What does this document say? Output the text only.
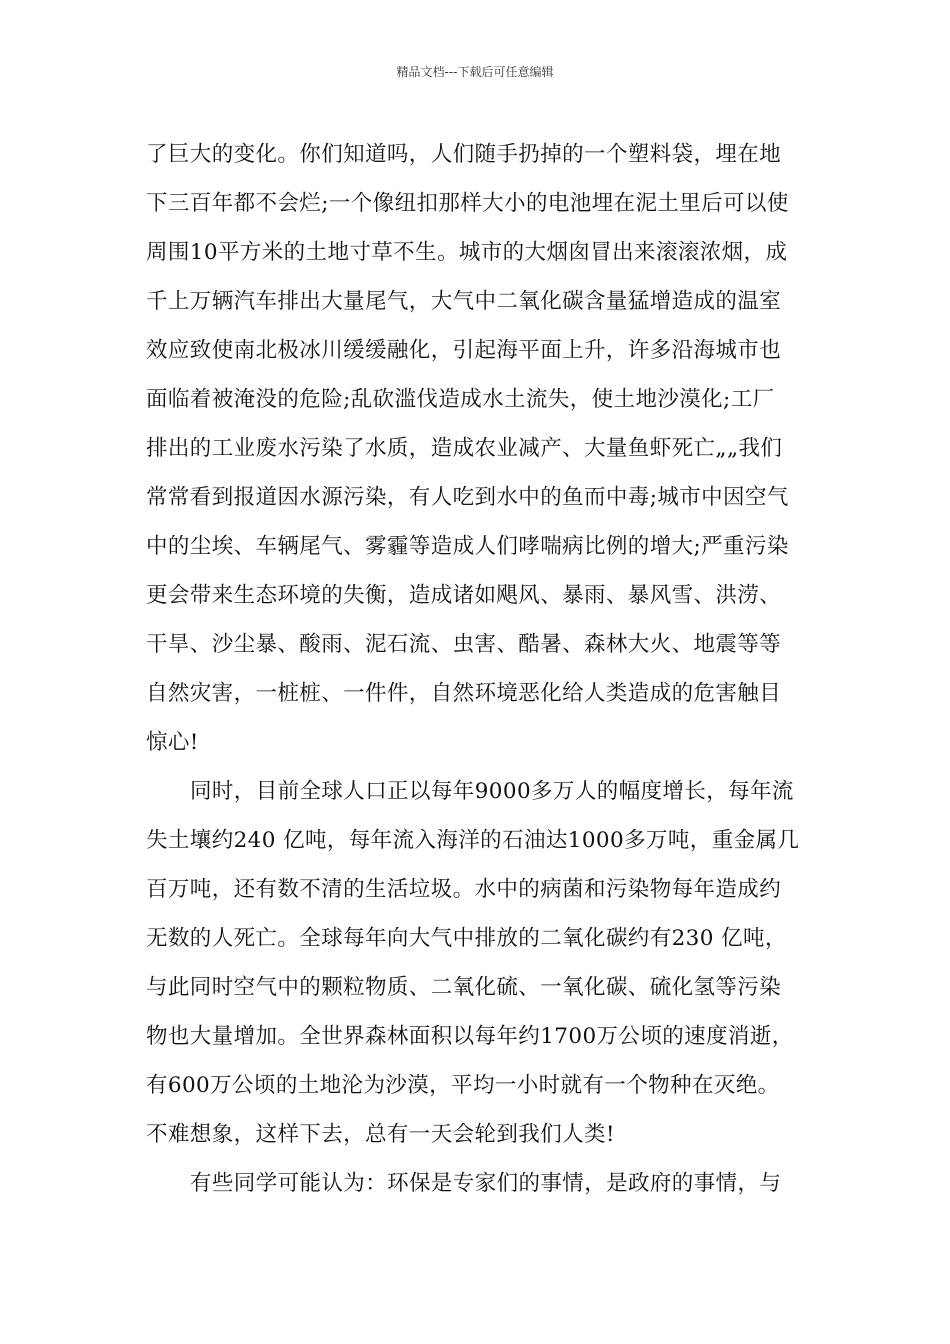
精品文档---下载后可任意编辑
了巨大的变化。你们知道吗，人们随手扔掉的一个塑料袋，埋在地
下三百年都不会烂;一个像纽扣那样大小的电池埋在泥土里后可以使
周围10平方米的土地寸草不生。城市的大烟囱冒出来滚滚浓烟，成
千上万辆汽车排出大量尾气，大气中二氧化碳含量猛增造成的温室
效应致使南北极冰川缓缓融化，引起海平面上升，许多沿海城市也
面临着被淹没的危险;乱砍滥伐造成水土流失，使土地沙漠化;工厂
排出的工业废水污染了水质，造成农业减产、大量鱼虾死亡„„我们
常常看到报道因水源污染，有人吃到水中的鱼而中毒;城市中因空气
中的尘埃、车辆尾气、雾霾等造成人们哮喘病比例的增大;严重污染
更会带来生态环境的失衡，造成诸如飓风、暴雨、暴风雪、洪涝、
干旱、沙尘暴、酸雨、泥石流、虫害、酷暑、森林大火、地震等等
自然灾害，一桩桩、一件件，自然环境恶化给人类造成的危害触目
惊心!
同时，目前全球人口正以每年9000多万人的幅度增长，每年流
失土壤约240 亿吨，每年流入海洋的石油达1000多万吨，重金属几
百万吨，还有数不清的生活垃圾。水中的病菌和污染物每年造成约
无数的人死亡。全球每年向大气中排放的二氧化碳约有230 亿吨，
与此同时空气中的颗粒物质、二氧化硫、一氧化碳、硫化氢等污染
物也大量增加。全世界森林面积以每年约1700万公顷的速度消逝，
有600万公顷的土地沦为沙漠，平均一小时就有一个物种在灭绝。
不难想象，这样下去，总有一天会轮到我们人类!
有些同学可能认为：环保是专家们的事情，是政府的事情，与
